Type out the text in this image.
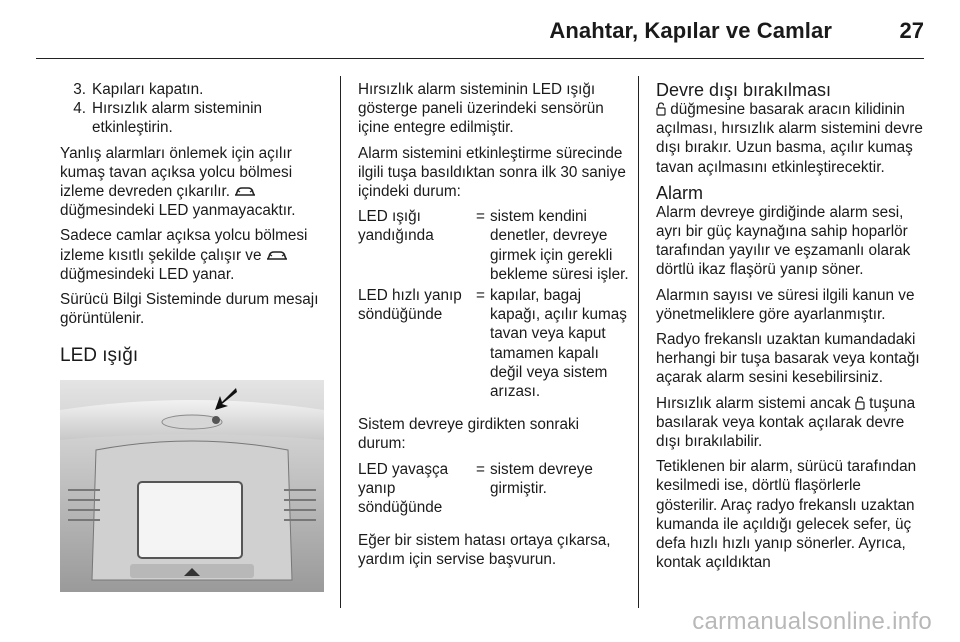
Anahtar, Kapılar ve Camlar	27
3. Kapıları kapatın.
4. Hırsızlık alarm sisteminin etkinleştirin.

Yanlış alarmları önlemek için açılır kumaş tavan açıksa yolcu bölmesi izleme devreden çıkarılır.  düğmesindeki LED yanmayacaktır.

Sadece camlar açıksa yolcu bölmesi izleme kısıtlı şekilde çalışır ve  düğmesindeki LED yanar.

Sürücü Bilgi Sisteminde durum mesajı görüntülenir.

LED ışığı

Hırsızlık alarm sisteminin LED ışığı gösterge paneli üzerindeki sensörün içine entegre edilmiştir.

Alarm sistemini etkinleştirme sürecinde ilgili tuşa basıldıktan sonra ilk 30 saniye içindeki durum:

LED ışığı yandığında
= sistem kendini denetler, devreye girmek için gerekli bekleme süresi işler.
LED hızlı yanıp söndüğünde
= kapılar, bagaj kapağı, açılır kumaş tavan veya kaput tamamen kapalı değil veya sistem arızası.

Sistem devreye girdikten sonraki durum:

LED yavaşça yanıp söndüğünde
= sistem devreye girmiştir.

Eğer bir sistem hatası ortaya çıkarsa, yardım için servise başvurun.

Devre dışı bırakılması

düğmesine basarak aracın kilidinin açılması, hırsızlık alarm sistemini devre dışı bırakır. Uzun basma, açılır kumaş tavan açılmasını etkinleştirecektir.

Alarm

Alarm devreye girdiğinde alarm sesi, ayrı bir güç kaynağına sahip hoparlör tarafından yayılır ve eşzamanlı olarak dörtlü ikaz flaşörü yanıp söner.

Alarmın sayısı ve süresi ilgili kanun ve yönetmeliklere göre ayarlanmıştır.

Radyo frekanslı uzaktan kumandadaki herhangi bir tuşa basarak veya kontağı açarak alarm sesini kesebilirsiniz.

Hırsızlık alarm sistemi ancak tuşuna basılarak veya kontak açılarak devre dışı bırakılabilir.

Tetiklenen bir alarm, sürücü tarafından kesilmedi ise, dörtlü flaşörlerle gösterilir. Araç radyo frekanslı uzaktan kumanda ile açıldığı gelecek sefer, üç defa hızlı hızlı yanıp sönerler. Ayrıca, kontak açıldıktan

carmanualsonline.info
